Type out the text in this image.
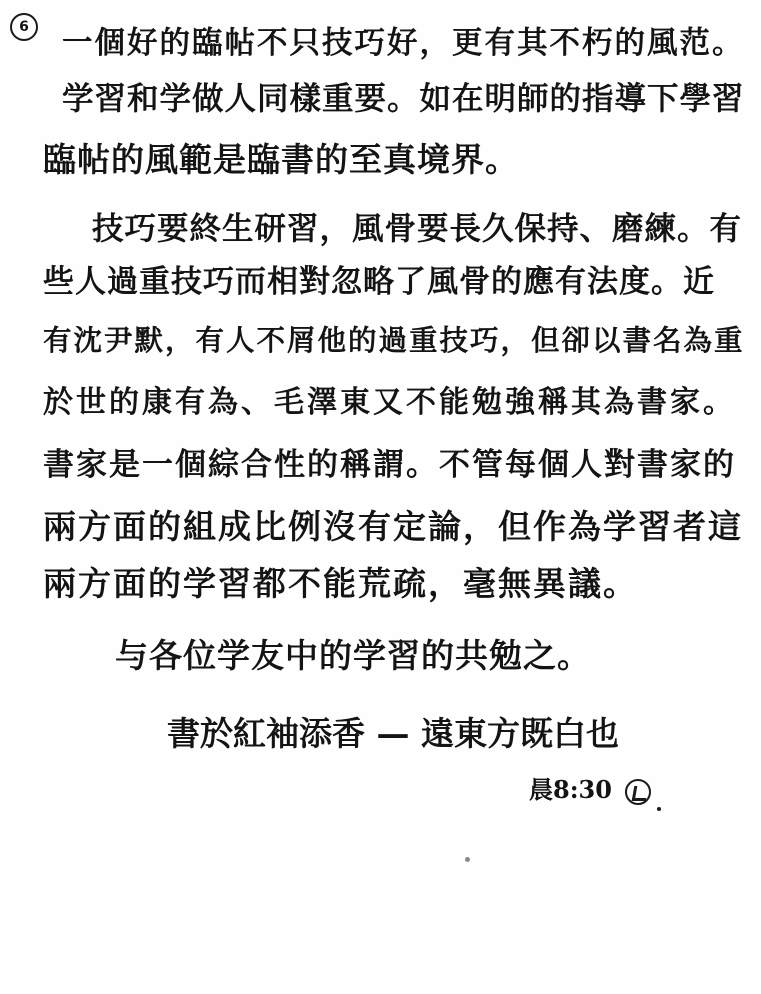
6 一個好的臨帖不只技巧好，更有其不朽的風范。
学習和学做人同樣重要。如在明師的指導下學習
臨帖的風範是臨書的至真境界。
技巧要終生研習，風骨要長久保持、磨練。有
些人過重技巧而相對忽略了風骨的應有法度。近
有沈尹默，有人不屑他的過重技巧，但卻以書名為重
於世的康有為、毛澤東又不能勉強稱其為書家。
書家是一個綜合性的稱謂。不管每個人對書家的
兩方面的組成比例沒有定論，但作為学習者這
兩方面的学習都不能荒疏，毫無異議。
与各位学友中的学習的共勉之。
書於紅袖添香 — 遠東方既白也
晨8:30
